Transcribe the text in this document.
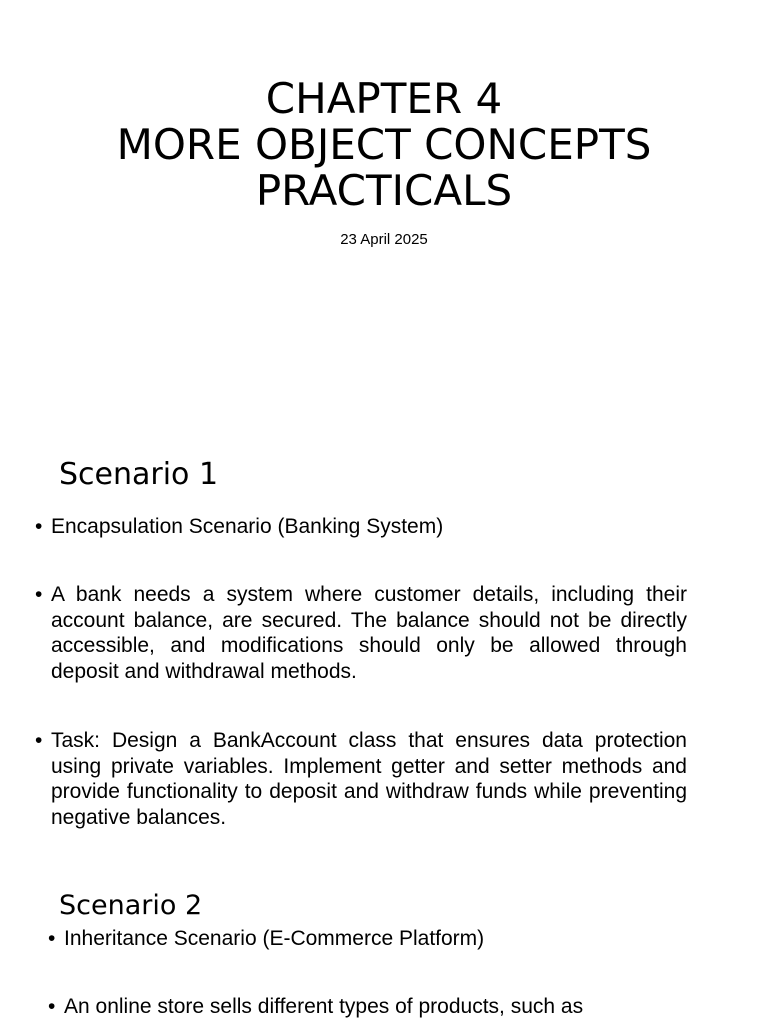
CHAPTER 4
MORE OBJECT CONCEPTS
PRACTICALS
23 April 2025
Scenario 1
• Encapsulation Scenario (Banking System)
• A bank needs a system where customer details, including their account balance, are secured. The balance should not be directly accessible, and modifications should only be allowed through deposit and withdrawal methods.
• Task: Design a BankAccount class that ensures data protection using private variables. Implement getter and setter methods and provide functionality to deposit and withdraw funds while preventing negative balances.
Scenario 2
• Inheritance Scenario (E-Commerce Platform)
• An online store sells different types of products, such as
